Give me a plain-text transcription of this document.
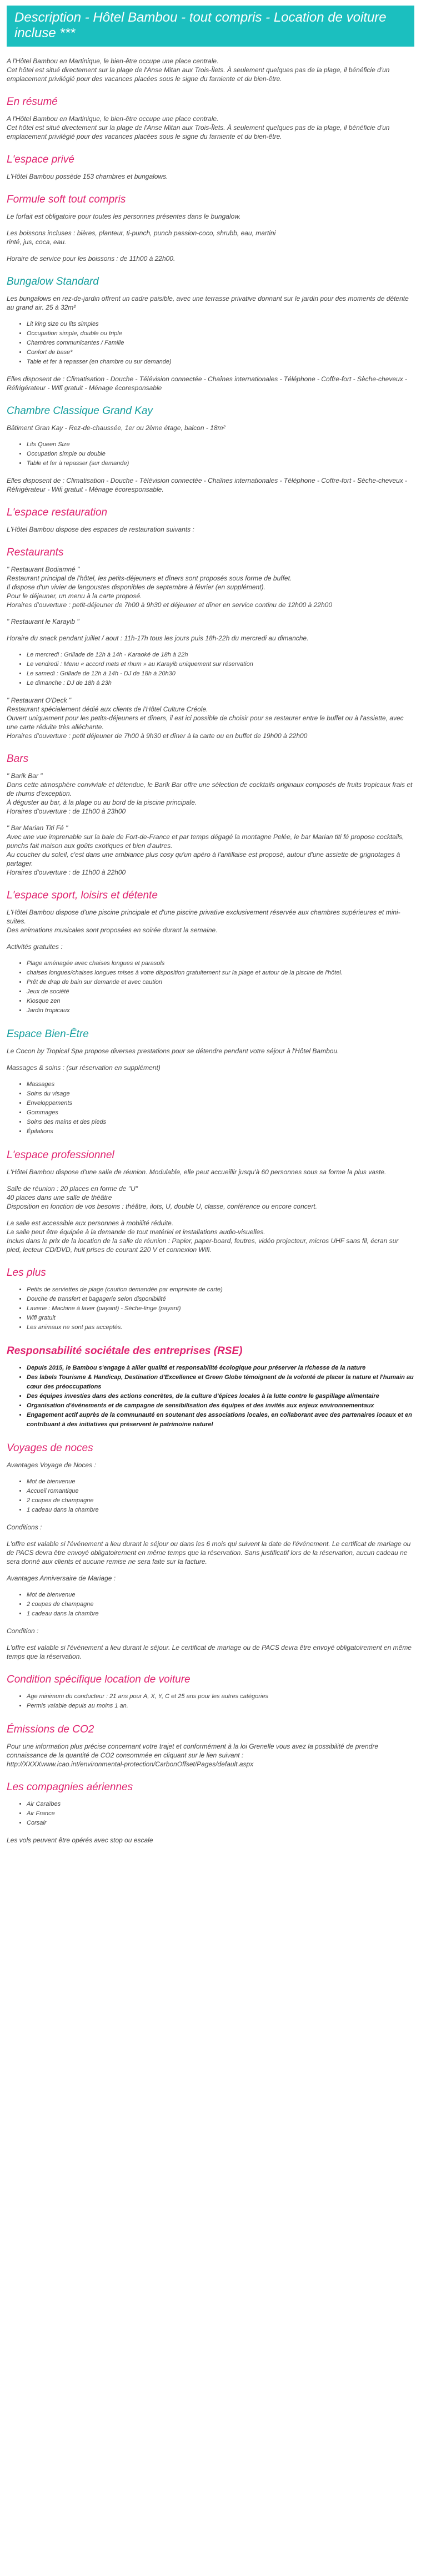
Description - Hôtel Bambou - tout compris - Location de voiture incluse ***

A l'Hôtel Bambou en Martinique, le bien-être occupe une place centrale.
Cet hôtel est situé directement sur la plage de l'Anse Mitan aux Trois-Îlets. À seulement quelques pas de la plage, il bénéficie d'un emplacement privilégié pour des vacances placées sous le signe du farniente et du bien-être.

En résumé

A l'Hôtel Bambou en Martinique, le bien-être occupe une place centrale.
Cet hôtel est situé directement sur la plage de l'Anse Mitan aux Trois-Îlets. À seulement quelques pas de la plage, il bénéficie d'un emplacement privilégié pour des vacances placées sous le signe du farniente et du bien-être.

L'espace privé

L'Hôtel Bambou possède 153 chambres et bungalows.

Formule soft tout compris

Le forfait est obligatoire pour toutes les personnes présentes dans le bungalow.

Les boissons incluses : bières, planteur, ti-punch, punch passion-coco, shrubb, eau, martini
rinté, jus, coca, eau.

Horaire de service pour les boissons : de 11h00 à 22h00.

Bungalow Standard

Les bungalows en rez-de-jardin offrent un cadre paisible, avec une terrasse privative donnant sur le jardin pour des moments de détente au grand air. 25 à 32m²

• Lit king size ou lits simples
• Occupation simple, double ou triple
• Chambres communicantes / Famille
• Confort de base*
• Table et fer à repasser (en chambre ou sur demande)

Elles disposent de : Climatisation - Douche - Télévision connectée - Chaînes internationales - Téléphone - Coffre-fort - Sèche-cheveux - Réfrigérateur - Wifi gratuit - Ménage écoresponsable

Chambre Classique Grand Kay

Bâtiment Gran Kay - Rez-de-chaussée, 1er ou 2ème étage, balcon - 18m²

• Lits Queen Size
• Occupation simple ou double
• Table et fer à repasser (sur demande)

Elles disposent de : Climatisation - Douche - Télévision connectée - Chaînes internationales - Téléphone - Coffre-fort - Sèche-cheveux - Réfrigérateur - Wifi gratuit - Ménage écoresponsable.

L'espace restauration

L'Hôtel Bambou dispose des espaces de restauration suivants :

Restaurants

" Restaurant Bodiamné "
Restaurant principal de l'hôtel, les petits-déjeuners et dîners sont proposés sous forme de buffet.
Il dispose d'un vivier de langoustes disponibles de septembre à février (en supplément).
Pour le déjeuner, un menu à la carte proposé.
Horaires d'ouverture : petit-déjeuner de 7h00 à 9h30 et déjeuner et dîner en service continu de 12h00 à 22h00

" Restaurant le Karayib "

Horaire du snack pendant juillet / aout : 11h-17h tous les jours puis 18h-22h du mercredi au dimanche.

• Le mercredi : Grillade de 12h à 14h - Karaoké de 18h à 22h
• Le vendredi : Menu « accord mets et rhum » au Karayib uniquement sur réservation
• Le samedi : Grillade de 12h à 14h - DJ de 18h à 20h30
• Le dimanche : DJ de 18h à 23h

" Restaurant O'Deck "
Restaurant spécialement dédié aux clients de l'Hôtel Culture Créole.
Ouvert uniquement pour les petits-déjeuners et dîners, il est ici possible de choisir pour se restaurer entre le buffet ou à l'assiette, avec une carte réduite très alléchante.
Horaires d'ouverture : petit déjeuner de 7h00 à 9h30 et dîner à la carte ou en buffet de 19h00 à 22h00

Bars

" Barik Bar "
Dans cette atmosphère conviviale et détendue, le Barik Bar offre une sélection de cocktails originaux composés de fruits tropicaux frais et de rhums d'exception.
À déguster au bar, à la plage ou au bord de la piscine principale.
Horaires d'ouverture : de 11h00 à 23h00

" Bar Marian Titi Fé "
Avec une vue imprenable sur la baie de Fort-de-France et par temps dégagé la montagne Pelée, le bar Marian titi fé propose cocktails, punchs fait maison aux goûts exotiques et bien d'autres.
Au coucher du soleil, c'est dans une ambiance plus cosy qu'un apéro à l'antillaise est proposé, autour d'une assiette de grignotages à partager.
Horaires d'ouverture : de 11h00 à 22h00

L'espace sport, loisirs et détente

L'Hôtel Bambou dispose d'une piscine principale et d'une piscine privative exclusivement réservée aux chambres supérieures et mini-suites.
Des animations musicales sont proposées en soirée durant la semaine.

Activités gratuites :

• Plage aménagée avec chaises longues et parasols
• chaises longues/chaises longues mises à votre disposition gratuitement sur la plage et autour de la piscine de l'hôtel.
• Prêt de drap de bain sur demande et avec caution
• Jeux de société
• Kiosque zen
• Jardin tropicaux
Espace Bien-Être

Le Cocon by Tropical Spa propose diverses prestations pour se détendre pendant votre séjour à l'Hôtel Bambou.

Massages & soins : (sur réservation en supplément)

• Massages
• Soins du visage
• Enveloppements
• Gommages
• Soins des mains et des pieds
• Épilations
L'espace professionnel

L'Hôtel Bambou dispose d'une salle de réunion. Modulable, elle peut accueillir jusqu'à 60 personnes sous sa forme la plus vaste.

Salle de réunion : 20 places en forme de "U"
40 places dans une salle de théâtre
Disposition en fonction de vos besoins : théâtre, ilots, U, double U, classe, conférence ou encore concert.

La salle est accessible aux personnes à mobilité réduite.
La salle peut être équipée à la demande de tout matériel et installations audio-visuelles.
Inclus dans le prix de la location de la salle de réunion : Papier, paper-board, feutres, vidéo projecteur, micros UHF sans fil, écran sur pied, lecteur CD/DVD, huit prises de courant 220 V et connexion Wifi.

Les plus
• Petits de serviettes de plage (caution demandée par empreinte de carte)
• Douche de transfert et bagagerie selon disponibilité
• Laverie : Machine à laver (payant) - Sèche-linge (payant)
• Wifi gratuit
• Les animaux ne sont pas acceptés.
Responsabilité sociétale des entreprises (RSE)
• Depuis 2015, le Bambou s'engage à allier qualité et responsabilité écologique pour préserver la richesse de la nature
• Des labels Tourisme & Handicap, Destination d'Excellence et Green Globe témoignent de la volonté de placer la nature et l'humain au cœur des préoccupations
• Des équipes investies dans des actions concrètes, de la culture d'épices locales à la lutte contre le gaspillage alimentaire
• Organisation d'événements et de campagne de sensibilisation des équipes et des invités aux enjeux environnementaux
• Engagement actif auprès de la communauté en soutenant des associations locales, en collaborant avec des partenaires locaux et en contribuant à des initiatives qui préservent le patrimoine naturel
Voyages de noces

Avantages Voyage de Noces :

• Mot de bienvenue
• Accueil romantique
• 2 coupes de champagne
• 1 cadeau dans la chambre

Conditions :

L'offre est valable si l'événement a lieu durant le séjour ou dans les 6 mois qui suivent la date de l'événement. Le certificat de mariage ou de PACS devra être envoyé obligatoirement en même temps que la réservation. Sans justificatif lors de la réservation, aucun cadeau ne sera donné aux clients et aucune remise ne sera faite sur la facture.

Avantages Anniversaire de Mariage :

• Mot de bienvenue
• 2 coupes de champagne
• 1 cadeau dans la chambre

Condition :

L'offre est valable si l'événement a lieu durant le séjour. Le certificat de mariage ou de PACS devra être envoyé obligatoirement en même temps que la réservation.

Condition spécifique location de voiture
• Age minimum du conducteur : 21 ans pour A, X, Y, C et 25 ans pour les autres catégories
• Permis valable depuis au moins 1 an.
Émissions de CO2

Pour une information plus précise concernant votre trajet et conformément à la loi Grenelle vous avez la possibilité de prendre connaissance de la quantité de CO2 consommée en cliquant sur le lien suivant :
http://XXXXwww.icao.int/environmental-protection/CarbonOffset/Pages/default.aspx

Les compagnies aériennes
• Air Caraïbes
• Air France
• Corsair

Les vols peuvent être opérés avec stop ou escale
